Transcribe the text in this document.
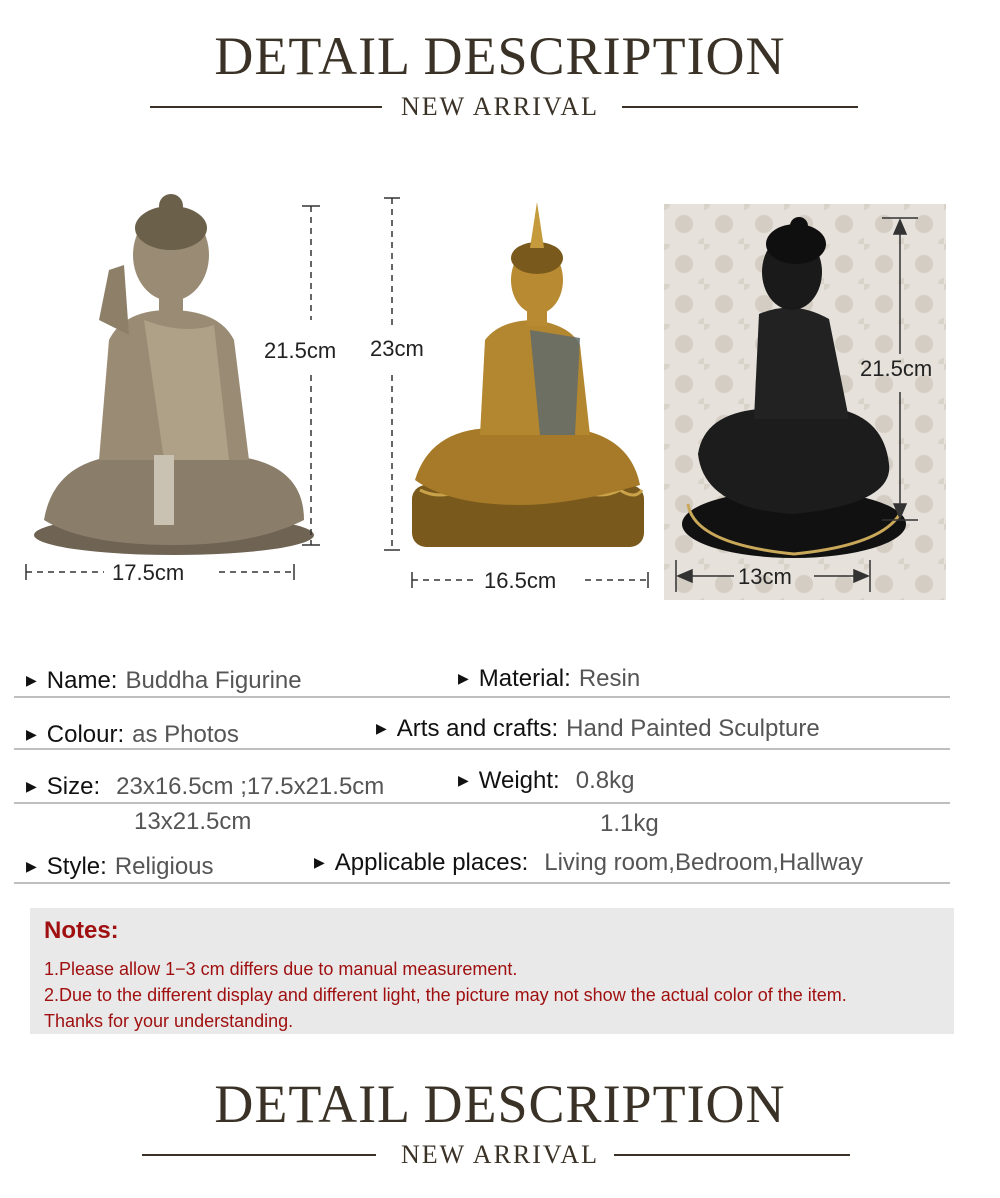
DETAIL DESCRIPTION
NEW ARRIVAL
21.5cm
17.5cm
23cm
16.5cm
21.5cm
13cm
▶ Name: Buddha Figurine	▶ Material: Resin
▶ Colour: as Photos	▶ Arts and crafts: Hand Painted Sculpture
▶ Size: 23x16.5cm ;17.5x21.5cm	▶ Weight: 0.8kg
13x21.5cm	1.1kg
▶ Style: Religious	▶ Applicable places: Living room,Bedroom,Hallway
Notes:
1.Please allow 1−3 cm differs due to manual measurement.
2.Due to the different display and different light, the picture may not show the actual color of the item.
Thanks for your understanding.
DETAIL DESCRIPTION
NEW ARRIVAL
